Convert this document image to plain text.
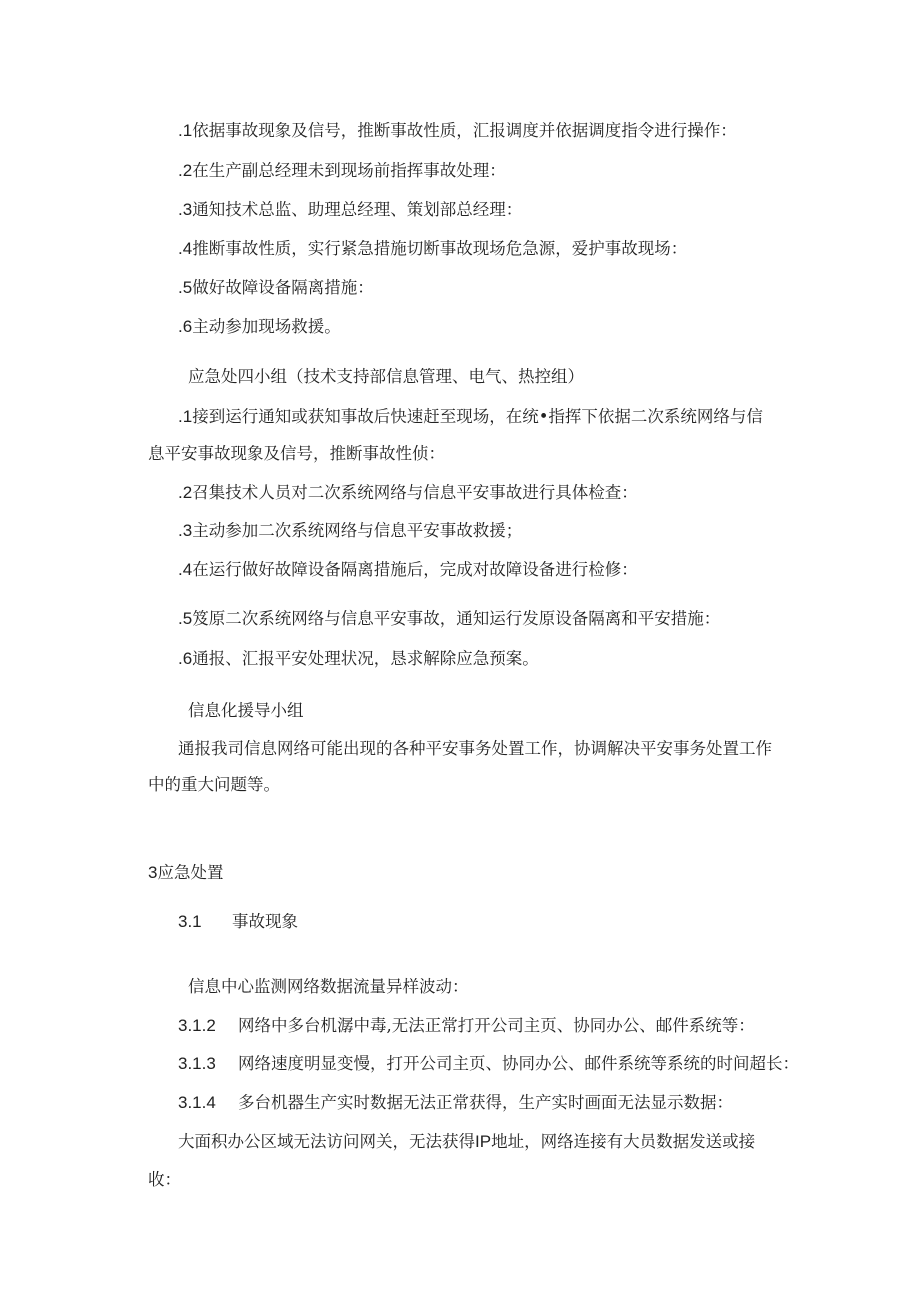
.1依据事故现象及信号，推断事故性质，汇报调度并依据调度指令进行操作：
.2在生产副总经理未到现场前指挥事故处理：
.3通知技术总监、助理总经理、策划部总经理：
.4推断事故性质，实行紧急措施切断事故现场危急源，爱护事故现场：
.5做好故障设备隔离措施：
.6主动参加现场救援。
应急处四小组（技术支持部信息管理、电气、热控组）
.1接到运行通知或获知事故后快速赶至现场，在统•指挥下依据二次系统网络与信
息平安事故现象及信号，推断事故性侦：
.2召集技术人员对二次系统网络与信息平安事故进行具体检查：
.3主动参加二次系统网络与信息平安事故救援；
.4在运行做好故障设备隔离措施后，完成对故障设备进行检修：
.5笈原二次系统网络与信息平安事故，通知运行发原设备隔离和平安措施：
.6通报、汇报平安处理状况，恳求解除应急预案。
信息化援导小组
通报我司信息网络可能出现的各种平安事务处置工作，协调解决平安事务处置工作
中的重大问题等。
3应急处置
3.1 事故现象
信息中心监测网络数据流量异样波动：
3.1.2 网络中多台机潺中毒,无法正常打开公司主页、协同办公、邮件系统等：
3.1.3 网络速度明显变慢，打开公司主页、协同办公、邮件系统等系统的时间超长：
3.1.4 多台机器生产实时数据无法正常获得，生产实时画面无法显示数据：
大面积办公区域无法访问网关，无法获得IP地址，网络连接有大员数据发送或接
收：
